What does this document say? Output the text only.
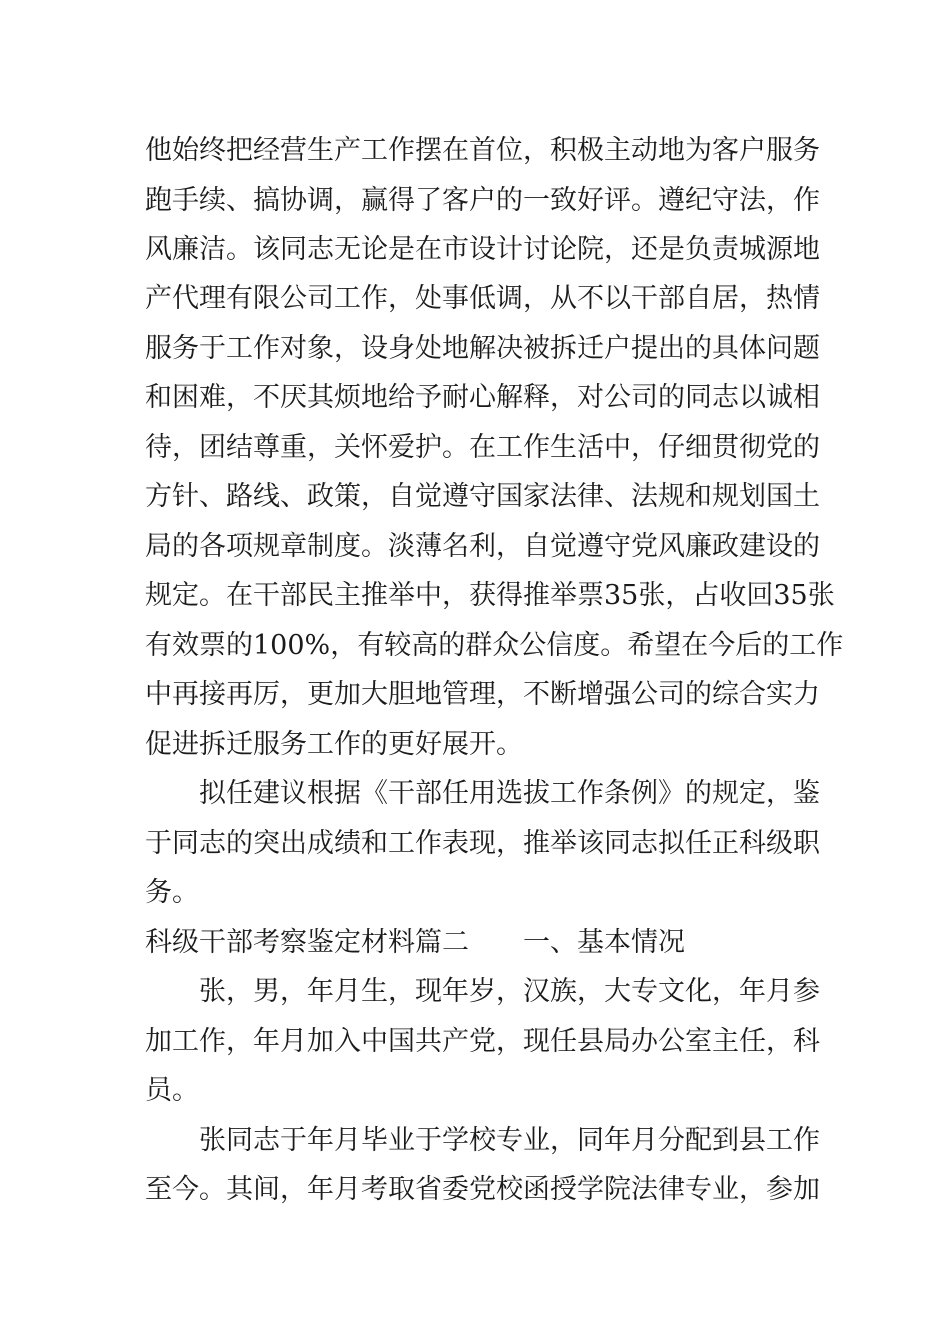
他始终把经营生产工作摆在首位，积极主动地为客户服务

跑手续、搞协调，赢得了客户的一致好评。遵纪守法，作

风廉洁。该同志无论是在市设计讨论院，还是负责城源地

产代理有限公司工作，处事低调，从不以干部自居，热情

服务于工作对象，设身处地解决被拆迁户提出的具体问题

和困难，不厌其烦地给予耐心解释，对公司的同志以诚相

待，团结尊重，关怀爱护。在工作生活中，仔细贯彻党的

方针、路线、政策，自觉遵守国家法律、法规和规划国土

局的各项规章制度。淡薄名利，自觉遵守党风廉政建设的

规定。在干部民主推举中，获得推举票35张，占收回35张

有效票的100%，有较高的群众公信度。希望在今后的工作

中再接再厉，更加大胆地管理，不断增强公司的综合实力

促进拆迁服务工作的更好展开。

拟任建议根据《干部任用选拔工作条例》的规定，鉴

于同志的突出成绩和工作表现，推举该同志拟任正科级职

务。

科级干部考察鉴定材料篇二　　一、基本情况

张，男，年月生，现年岁，汉族，大专文化，年月参

加工作，年月加入中国共产党，现任县局办公室主任，科

员。

张同志于年月毕业于学校专业，同年月分配到县工作

至今。其间，年月考取省委党校函授学院法律专业，参加
